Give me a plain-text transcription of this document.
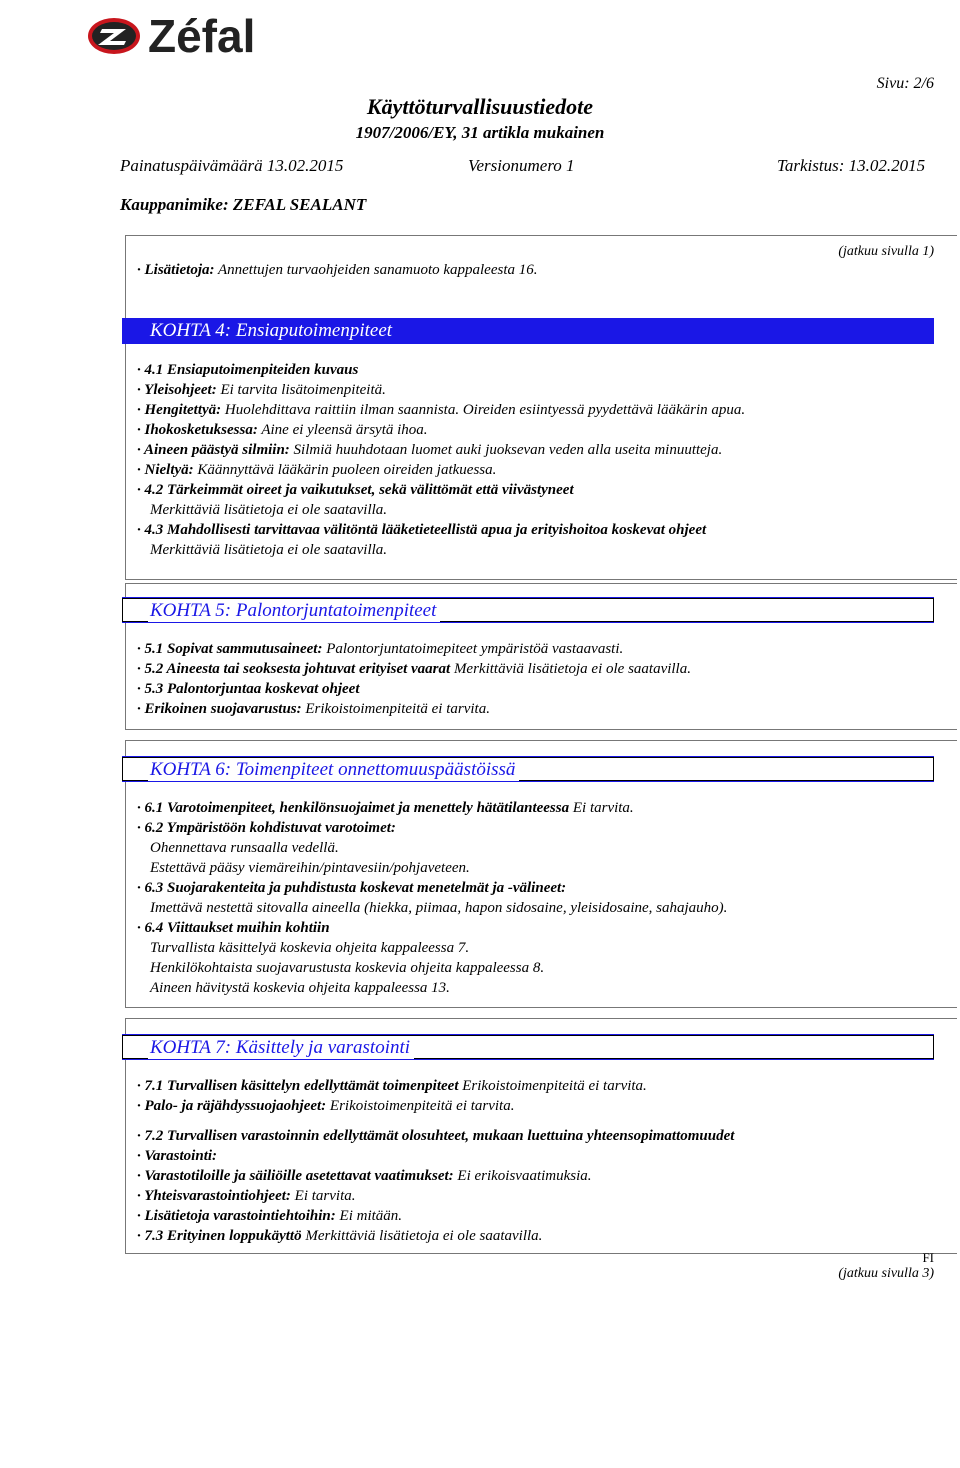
Zéfal
Sivu: 2/6
Käyttöturvallisuustiedote
1907/2006/EY, 31 artikla mukainen
Painatuspäivämäärä 13.02.2015	Versionumero 1	Tarkistus: 13.02.2015
Kauppanimike: ZEFAL SEALANT
(jatkuu sivulla 1)
· Lisätietoja: Annettujen turvaohjeiden sanamuoto kappaleesta 16.
KOHTA 4: Ensiaputoimenpiteet
· 4.1 Ensiaputoimenpiteiden kuvaus
· Yleisohjeet: Ei tarvita lisätoimenpiteitä.
· Hengitettyä: Huolehdittava raittiin ilman saannista. Oireiden esiintyessä pyydettävä lääkärin apua.
· Ihokosketuksessa: Aine ei yleensä ärsytä ihoa.
· Aineen päästyä silmiin: Silmiä huuhdotaan luomet auki juoksevan veden alla useita minuutteja.
· Nieltyä: Käännyttävä lääkärin puoleen oireiden jatkuessa.
· 4.2 Tärkeimmät oireet ja vaikutukset, sekä välittömät että viivästyneet
Merkittäviä lisätietoja ei ole saatavilla.
· 4.3 Mahdollisesti tarvittavaa välitöntä lääketieteellistä apua ja erityishoitoa koskevat ohjeet
Merkittäviä lisätietoja ei ole saatavilla.
KOHTA 5: Palontorjuntatoimenpiteet
· 5.1 Sopivat sammutusaineet: Palontorjuntatoimepiteet ympäristöä vastaavasti.
· 5.2 Aineesta tai seoksesta johtuvat erityiset vaarat Merkittäviä lisätietoja ei ole saatavilla.
· 5.3 Palontorjuntaa koskevat ohjeet
· Erikoinen suojavarustus: Erikoistoimenpiteitä ei tarvita.
KOHTA 6: Toimenpiteet onnettomuuspäästöissä
· 6.1 Varotoimenpiteet, henkilönsuojaimet ja menettely hätätilanteessa Ei tarvita.
· 6.2 Ympäristöön kohdistuvat varotoimet:
Ohennettava runsaalla vedellä.
Estettävä pääsy viemäreihin/pintavesiin/pohjaveteen.
· 6.3 Suojarakenteita ja puhdistusta koskevat menetelmät ja -välineet:
Imettävä nestettä sitovalla aineella (hiekka, piimaa, hapon sidosaine, yleisidosaine, sahajauho).
· 6.4 Viittaukset muihin kohtiin
Turvallista käsittelyä koskevia ohjeita kappaleessa 7.
Henkilökohtaista suojavarustusta koskevia ohjeita kappaleessa 8.
Aineen hävitystä koskevia ohjeita kappaleessa 13.
KOHTA 7: Käsittely ja varastointi
· 7.1 Turvallisen käsittelyn edellyttämät toimenpiteet Erikoistoimenpiteitä ei tarvita.
· Palo- ja räjähdyssuojaohjeet: Erikoistoimenpiteitä ei tarvita.
· 7.2 Turvallisen varastoinnin edellyttämät olosuhteet, mukaan luettuina yhteensopimattomuudet
· Varastointi:
· Varastotiloille ja säiliöille asetettavat vaatimukset: Ei erikoisvaatimuksia.
· Yhteisvarastointiohjeet: Ei tarvita.
· Lisätietoja varastointiehtoihin: Ei mitään.
· 7.3 Erityinen loppukäyttö Merkittäviä lisätietoja ei ole saatavilla.
FI
(jatkuu sivulla 3)
